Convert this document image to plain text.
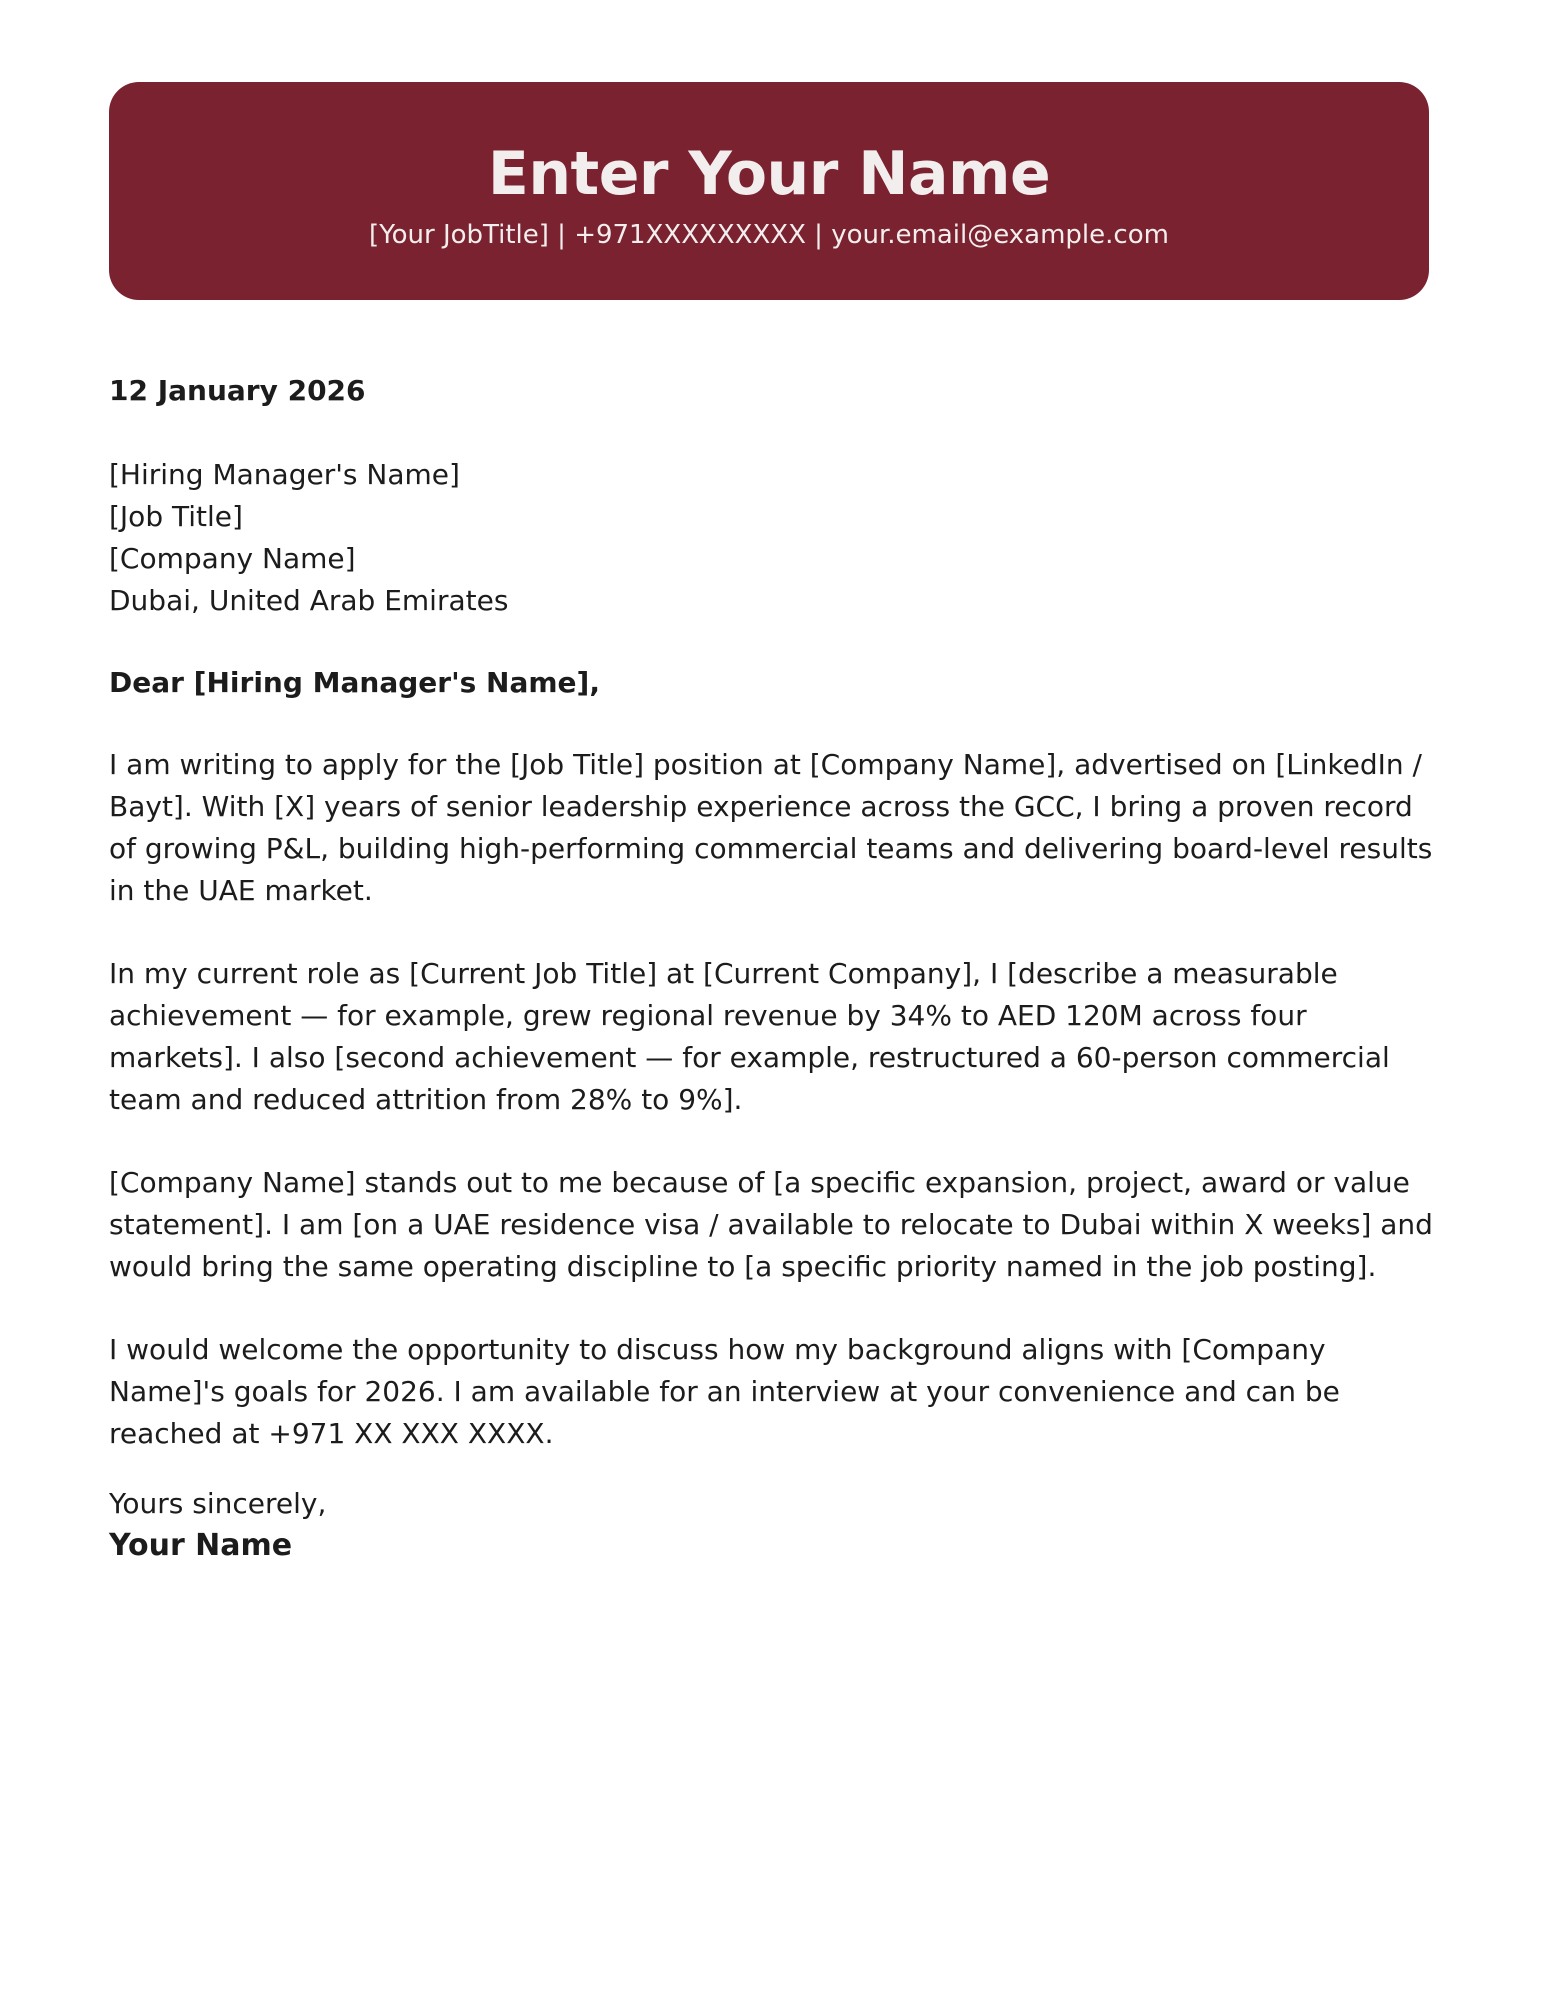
Enter Your Name
[Your JobTitle] | +971XXXXXXXXX | your.email@example.com
12 January 2026
[Hiring Manager's Name]
[Job Title]
[Company Name]
Dubai, United Arab Emirates
Dear [Hiring Manager's Name],

I am writing to apply for the [Job Title] position at [Company Name], advertised on [LinkedIn / Bayt]. With [X] years of senior leadership experience across the GCC, I bring a proven record of growing P&L, building high-performing commercial teams and delivering board-level results in the UAE market.

In my current role as [Current Job Title] at [Current Company], I [describe a measurable achievement — for example, grew regional revenue by 34% to AED 120M across four markets]. I also [second achievement — for example, restructured a 60-person commercial team and reduced attrition from 28% to 9%].

[Company Name] stands out to me because of [a specific expansion, project, award or value statement]. I am [on a UAE residence visa / available to relocate to Dubai within X weeks] and would bring the same operating discipline to [a specific priority named in the job posting].

I would welcome the opportunity to discuss how my background aligns with [Company Name]'s goals for 2026. I am available for an interview at your convenience and can be reached at +971 XX XXX XXXX.

Yours sincerely,
Your Name
